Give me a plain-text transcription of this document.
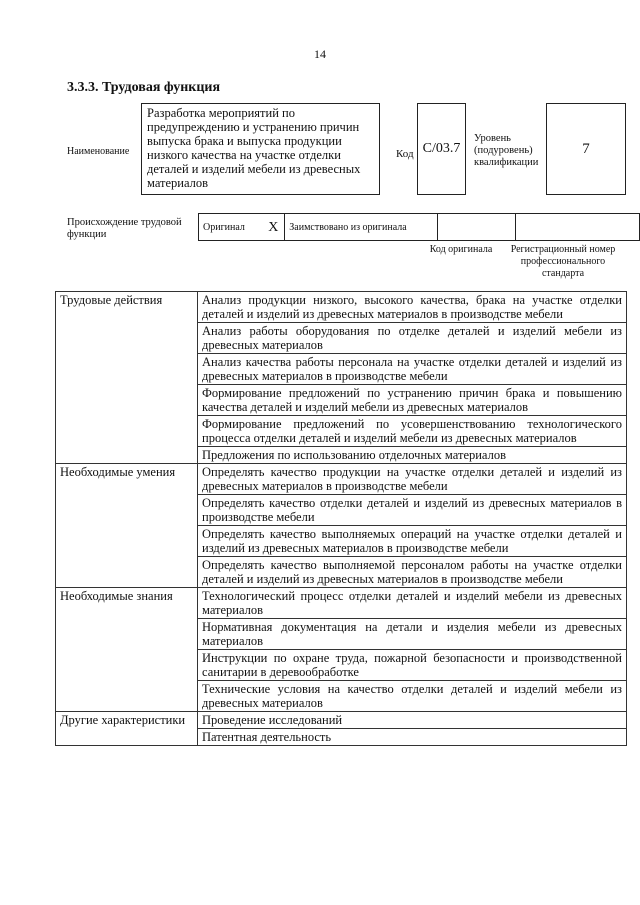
14
3.3.3. Трудовая функция
Наименование
Разработка мероприятий по предупреждению и устранению причин выпуска брака и выпуска продукции низкого качества на участке отделки деталей и изделий мебели из древесных материалов
Код C/03.7
Уровень (подуровень) квалификации
7
Происхождение трудовой функции
Оригинал	X	Заимствовано из оригинала		
Код оригинала	Регистрационный номер профессионального стандарта
Трудовые действия	Анализ продукции низкого, высокого качества, брака на участке отделки деталей и изделий из древесных материалов в производстве мебели
	Анализ работы оборудования по отделке деталей и изделий мебели из древесных материалов
	Анализ качества работы персонала на участке отделки деталей и изделий из древесных материалов в производстве мебели
	Формирование предложений по устранению причин брака и повышению качества деталей и изделий мебели из древесных материалов
	Формирование предложений по усовершенствованию технологического процесса отделки деталей и изделий мебели из древесных материалов
	Предложения по использованию отделочных материалов
Необходимые умения	Определять качество продукции на участке отделки деталей и изделий из древесных материалов в производстве мебели
	Определять качество отделки деталей и изделий из древесных материалов в производстве мебели
	Определять качество выполняемых операций на участке отделки деталей и изделий из древесных материалов в производстве мебели
	Определять качество выполняемой персоналом работы на участке отделки деталей и изделий из древесных материалов в производстве мебели
Необходимые знания	Технологический процесс отделки деталей и изделий мебели из древесных материалов
	Нормативная документация на детали и изделия мебели из древесных материалов
	Инструкции по охране труда, пожарной безопасности и производственной санитарии в деревообработке
	Технические условия на качество отделки деталей и изделий мебели из древесных материалов
Другие характеристики	Проведение исследований
	Патентная деятельность
